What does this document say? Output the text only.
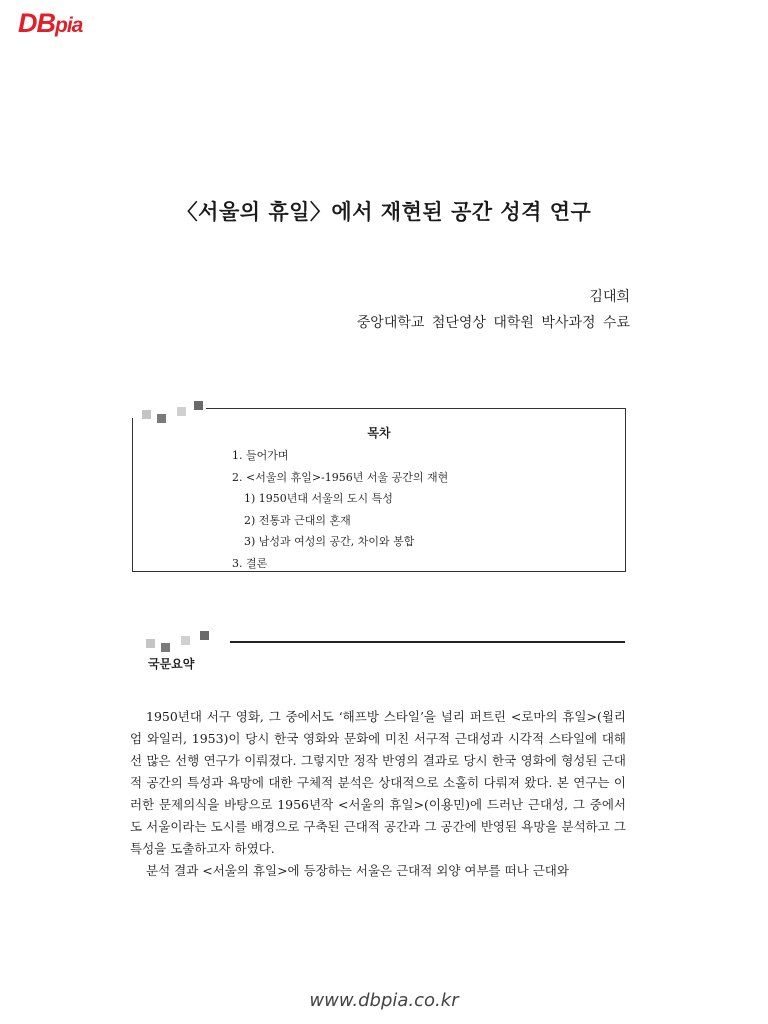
DBpia
〈서울의 휴일〉에서 재현된 공간 성격 연구
김대희
중앙대학교 첨단영상 대학원 박사과정 수료
목차
1. 들어가며
2. <서울의 휴일>-1956년 서울 공간의 재현
1) 1950년대 서울의 도시 특성
2) 전통과 근대의 혼재
3) 남성과 여성의 공간, 차이와 봉합
3. 결론
국문요약

1950년대 서구 영화, 그 중에서도 ‘해프방 스타일’을 널리 퍼트린 <로마의 휴일>(윌리엄 와일러, 1953)이 당시 한국 영화와 문화에 미친 서구적 근대성과 시각적 스타일에 대해선 많은 선행 연구가 이뤄졌다. 그렇지만 정작 반영의 결과로 당시 한국 영화에 형성된 근대적 공간의 특성과 욕망에 대한 구체적 분석은 상대적으로 소홀히 다뤄져 왔다. 본 연구는 이러한 문제의식을 바탕으로 1956년작 <서울의 휴일>(이용민)에 드러난 근대성, 그 중에서도 서울이라는 도시를 배경으로 구축된 근대적 공간과 그 공간에 반영된 욕망을 분석하고 그 특성을 도출하고자 하였다.

분석 결과 <서울의 휴일>에 등장하는 서울은 근대적 외양 여부를 떠나 근대와

www.dbpia.co.kr
